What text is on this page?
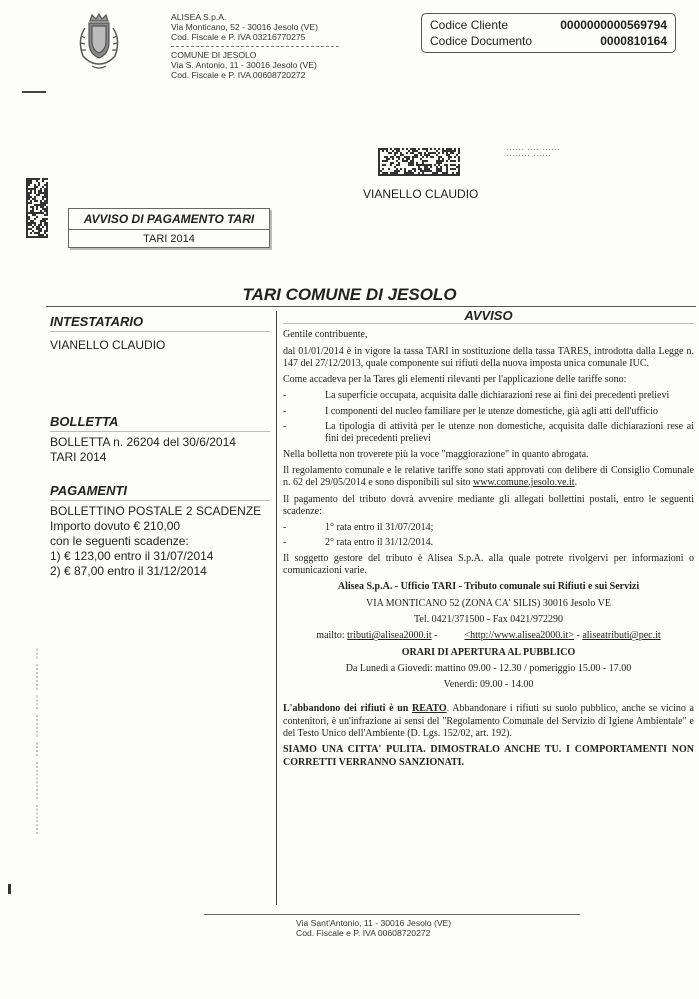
ALISEA S.p.A.
Via Monticano, 52 - 30016 Jesolo (VE)
Cod. Fiscale e P. IVA 03216770275
COMUNE DI JESOLO
Via S. Antonio, 11 - 30016 Jesolo (VE)
Cod. Fiscale e P. IVA 00608720272
Codice Cliente	0000000000569794
Codice Documento	0000810164
▪▪▪▪▪▪ ▪▪▪▪ ▪▪▪▪▪▪
▪▪▪▪▪▪▪▪ ▪▪▪▪▪▪
VIANELLO CLAUDIO
AVVISO DI PAGAMENTO TARI
TARI 2014
TARI COMUNE DI JESOLO
INTESTATARIO
VIANELLO CLAUDIO
BOLLETTA
BOLLETTA n. 26204 del 30/6/2014
TARI 2014
PAGAMENTI
BOLLETTINO POSTALE 2 SCADENZE
Importo dovuto € 210,00
con le seguenti scadenze:
1) € 123,00 entro il 31/07/2014
2) € 87,00 entro il 31/12/2014
AVVISO

Gentile contribuente,

dal 01/01/2014 è in vigore la tassa TARI in sostituzione della tassa TARES, introdotta dalla Legge n. 147 del 27/12/2013, quale componente sui rifiuti della nuova imposta unica comunale IUC.

Come accadeva per la Tares gli elementi rilevanti per l'applicazione delle tariffe sono:

-	La superficie occupata, acquisita dalle dichiarazioni rese ai fini dei precedenti prelievi
-	I componenti del nucleo familiare per le utenze domestiche, già agli atti dell'ufficio
-	La tipologia di attività per le utenze non domestiche, acquisita dalle dichiarazioni rese ai fini dei precedenti prelievi

Nella bolletta non troverete più la voce "maggiorazione" in quanto abrogata.

Il regolamento comunale e le relative tariffe sono stati approvati con delibere di Consiglio Comunale n. 62 del 29/05/2014 e sono disponibili sul sito www.comune.jesolo.ve.it.

Il pagamento del tributo dovrà avvenire mediante gli allegati bollettini postali, entro le seguenti scadenze:

-	1° rata entro il 31/07/2014;
-	2° rata entro il 31/12/2014.

Il soggetto gestore del tributo è Alisea S.p.A. alla quale potrete rivolgervi per informazioni o comunicazioni varie.

Alisea S.p.A. - Ufficio TARI - Tributo comunale sui Rifiuti e sui Servizi
VIA MONTICANO 52 (ZONA CA' SILIS) 30016 Jesolo VE
Tel. 0421/371500 - Fax 0421/972290
mailto: tributi@alisea2000.it -  <http://www.alisea2000.it> - aliseatributi@pec.it
ORARI DI APERTURA AL PUBBLICO
Da Lunedì a Giovedì: mattino 09.00 - 12.30 / pomeriggio 15.00 - 17.00
Venerdì: 09.00 - 14.00

L'abbandono dei rifiuti è un REATO. Abbandonare i rifiuti su suolo pubblico, anche se vicino a contenitori, è un'infrazione ai sensi del "Regolamento Comunale del Servizio di Igiene Ambientale" e del Testo Unico dell'Ambiente (D. Lgs. 152/02, art. 192).

SIAMO UNA CITTA' PULITA. DIMOSTRALO ANCHE TU. I COMPORTAMENTI NON CORRETTI VERRANNO SANZIONATI.

▫▫▫▫▫▫▫▫ ▫▫▫▫▫▫▫▫▫▫ ▫▫▫▫ ▫▫▫▫▫▫ ▫▫▫▫ ▫▫▫▫▫▫▫ ▫▫▫
Via Sant'Antonio, 11 - 30016 Jesolo (VE)
Cod. Fiscale e P. IVA 00608720272
